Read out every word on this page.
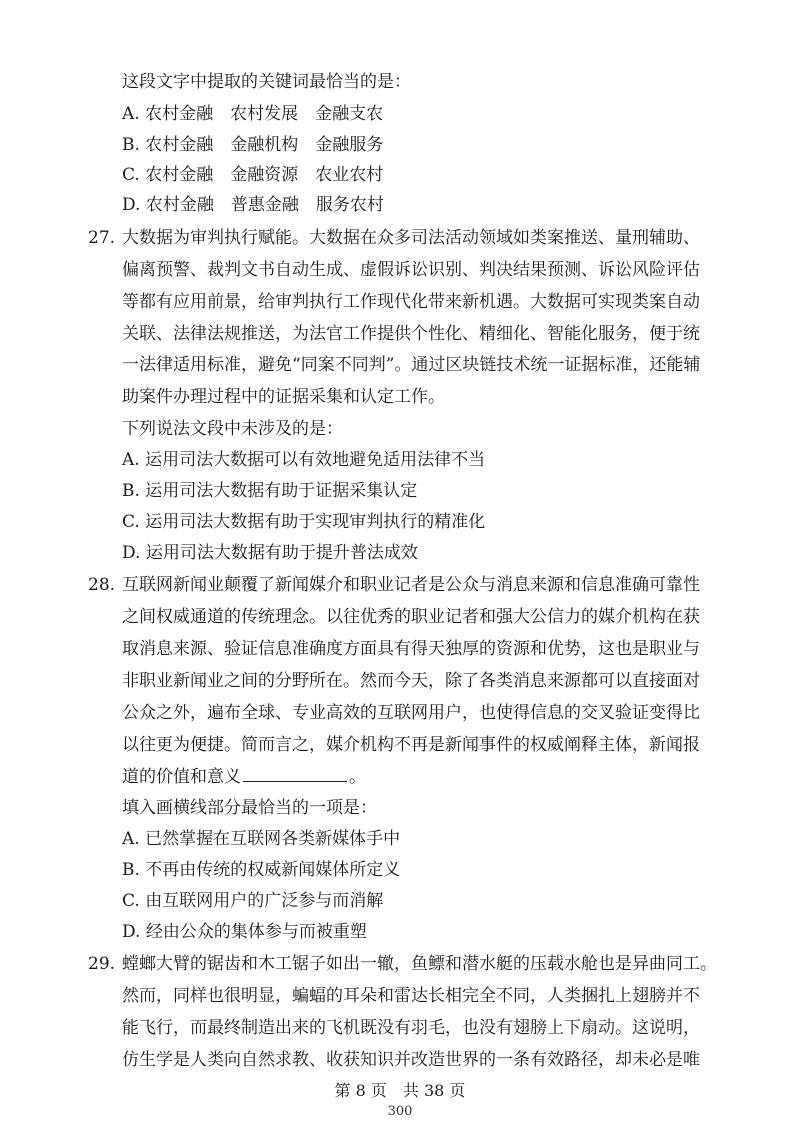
这段文字中提取的关键词最恰当的是：
A. 农村金融　农村发展　金融支农
B. 农村金融　金融机构　金融服务
C. 农村金融　金融资源　农业农村
D. 农村金融　普惠金融　服务农村
27. 大数据为审判执行赋能。大数据在众多司法活动领域如类案推送、量刑辅助、
偏离预警、裁判文书自动生成、虚假诉讼识别、判决结果预测、诉讼风险评估
等都有应用前景，给审判执行工作现代化带来新机遇。大数据可实现类案自动
关联、法律法规推送，为法官工作提供个性化、精细化、智能化服务，便于统
一法律适用标准，避免“同案不同判”。通过区块链技术统一证据标准，还能辅
助案件办理过程中的证据采集和认定工作。
下列说法文段中未涉及的是：
A. 运用司法大数据可以有效地避免适用法律不当
B. 运用司法大数据有助于证据采集认定
C. 运用司法大数据有助于实现审判执行的精准化
D. 运用司法大数据有助于提升普法成效
28. 互联网新闻业颠覆了新闻媒介和职业记者是公众与消息来源和信息准确可靠性
之间权威通道的传统理念。以往优秀的职业记者和强大公信力的媒介机构在获
取消息来源、验证信息准确度方面具有得天独厚的资源和优势，这也是职业与
非职业新闻业之间的分野所在。然而今天，除了各类消息来源都可以直接面对
公众之外，遍布全球、专业高效的互联网用户，也使得信息的交叉验证变得比
以往更为便捷。简而言之，媒介机构不再是新闻事件的权威阐释主体，新闻报
道的价值和意义	。
填入画横线部分最恰当的一项是：
A. 已然掌握在互联网各类新媒体手中
B. 不再由传统的权威新闻媒体所定义
C. 由互联网用户的广泛参与而消解
D. 经由公众的集体参与而被重塑
29. 螳螂大臂的锯齿和木工锯子如出一辙，鱼鳔和潜水艇的压载水舱也是异曲同工。
然而，同样也很明显，蝙蝠的耳朵和雷达长相完全不同，人类捆扎上翅膀并不
能飞行，而最终制造出来的飞机既没有羽毛，也没有翅膀上下扇动。这说明，
仿生学是人类向自然求教、收获知识并改造世界的一条有效路径，却未必是唯
第 8 页　共 38 页
300
